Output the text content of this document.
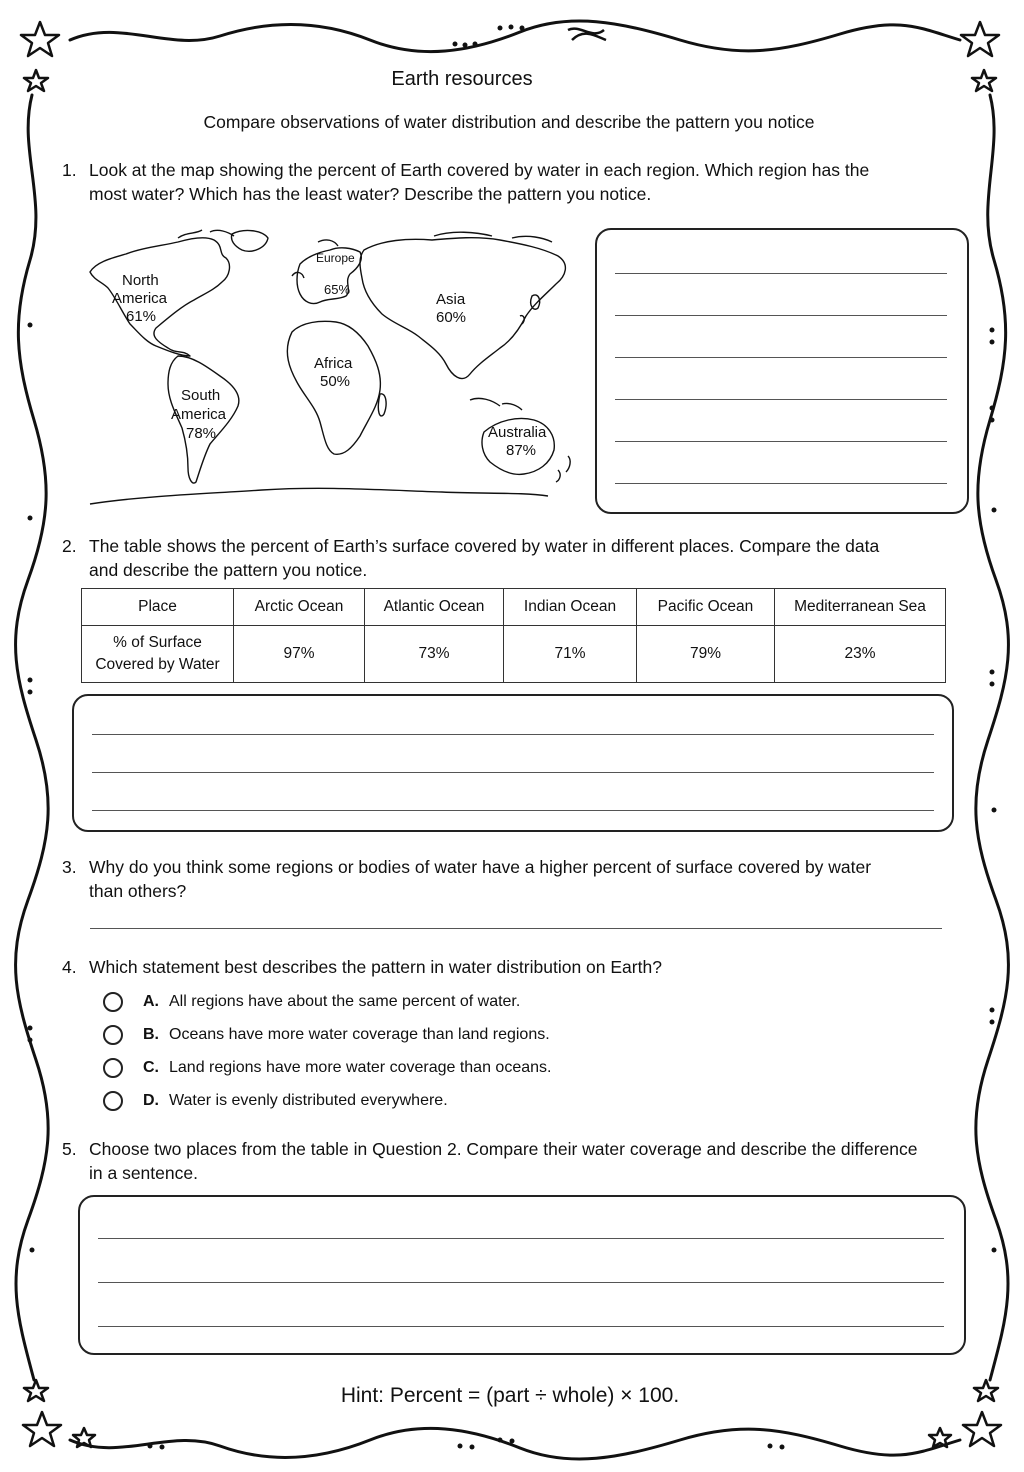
Earth resources
Compare observations of water distribution and describe the pattern you notice
1. Look at the map showing the percent of Earth covered by water in each region. Which region has the most water? Which has the least water? Describe the pattern you notice.
North
America
61%
Europe
65%
Asia
60%
Africa
50%
South
America
78%	Australia
87%
2. The table shows the percent of Earth’s surface covered by water in different places. Compare the data and describe the pattern you notice.
Place	Arctic Ocean	Atlantic Ocean	Indian Ocean	Pacific Ocean	Mediterranean Sea
% of Surface
Covered by Water	97%	73%	71%	79%	23%
3. Why do you think some regions or bodies of water have a higher percent of surface covered by water than others?
4. Which statement best describes the pattern in water distribution on Earth?
A. All regions have about the same percent of water.
B. Oceans have more water coverage than land regions.
C. Land regions have more water coverage than oceans.
D. Water is evenly distributed everywhere.
5. Choose two places from the table in Question 2. Compare their water coverage and describe the difference in a sentence.
Hint: Percent = (part ÷ whole) × 100.
